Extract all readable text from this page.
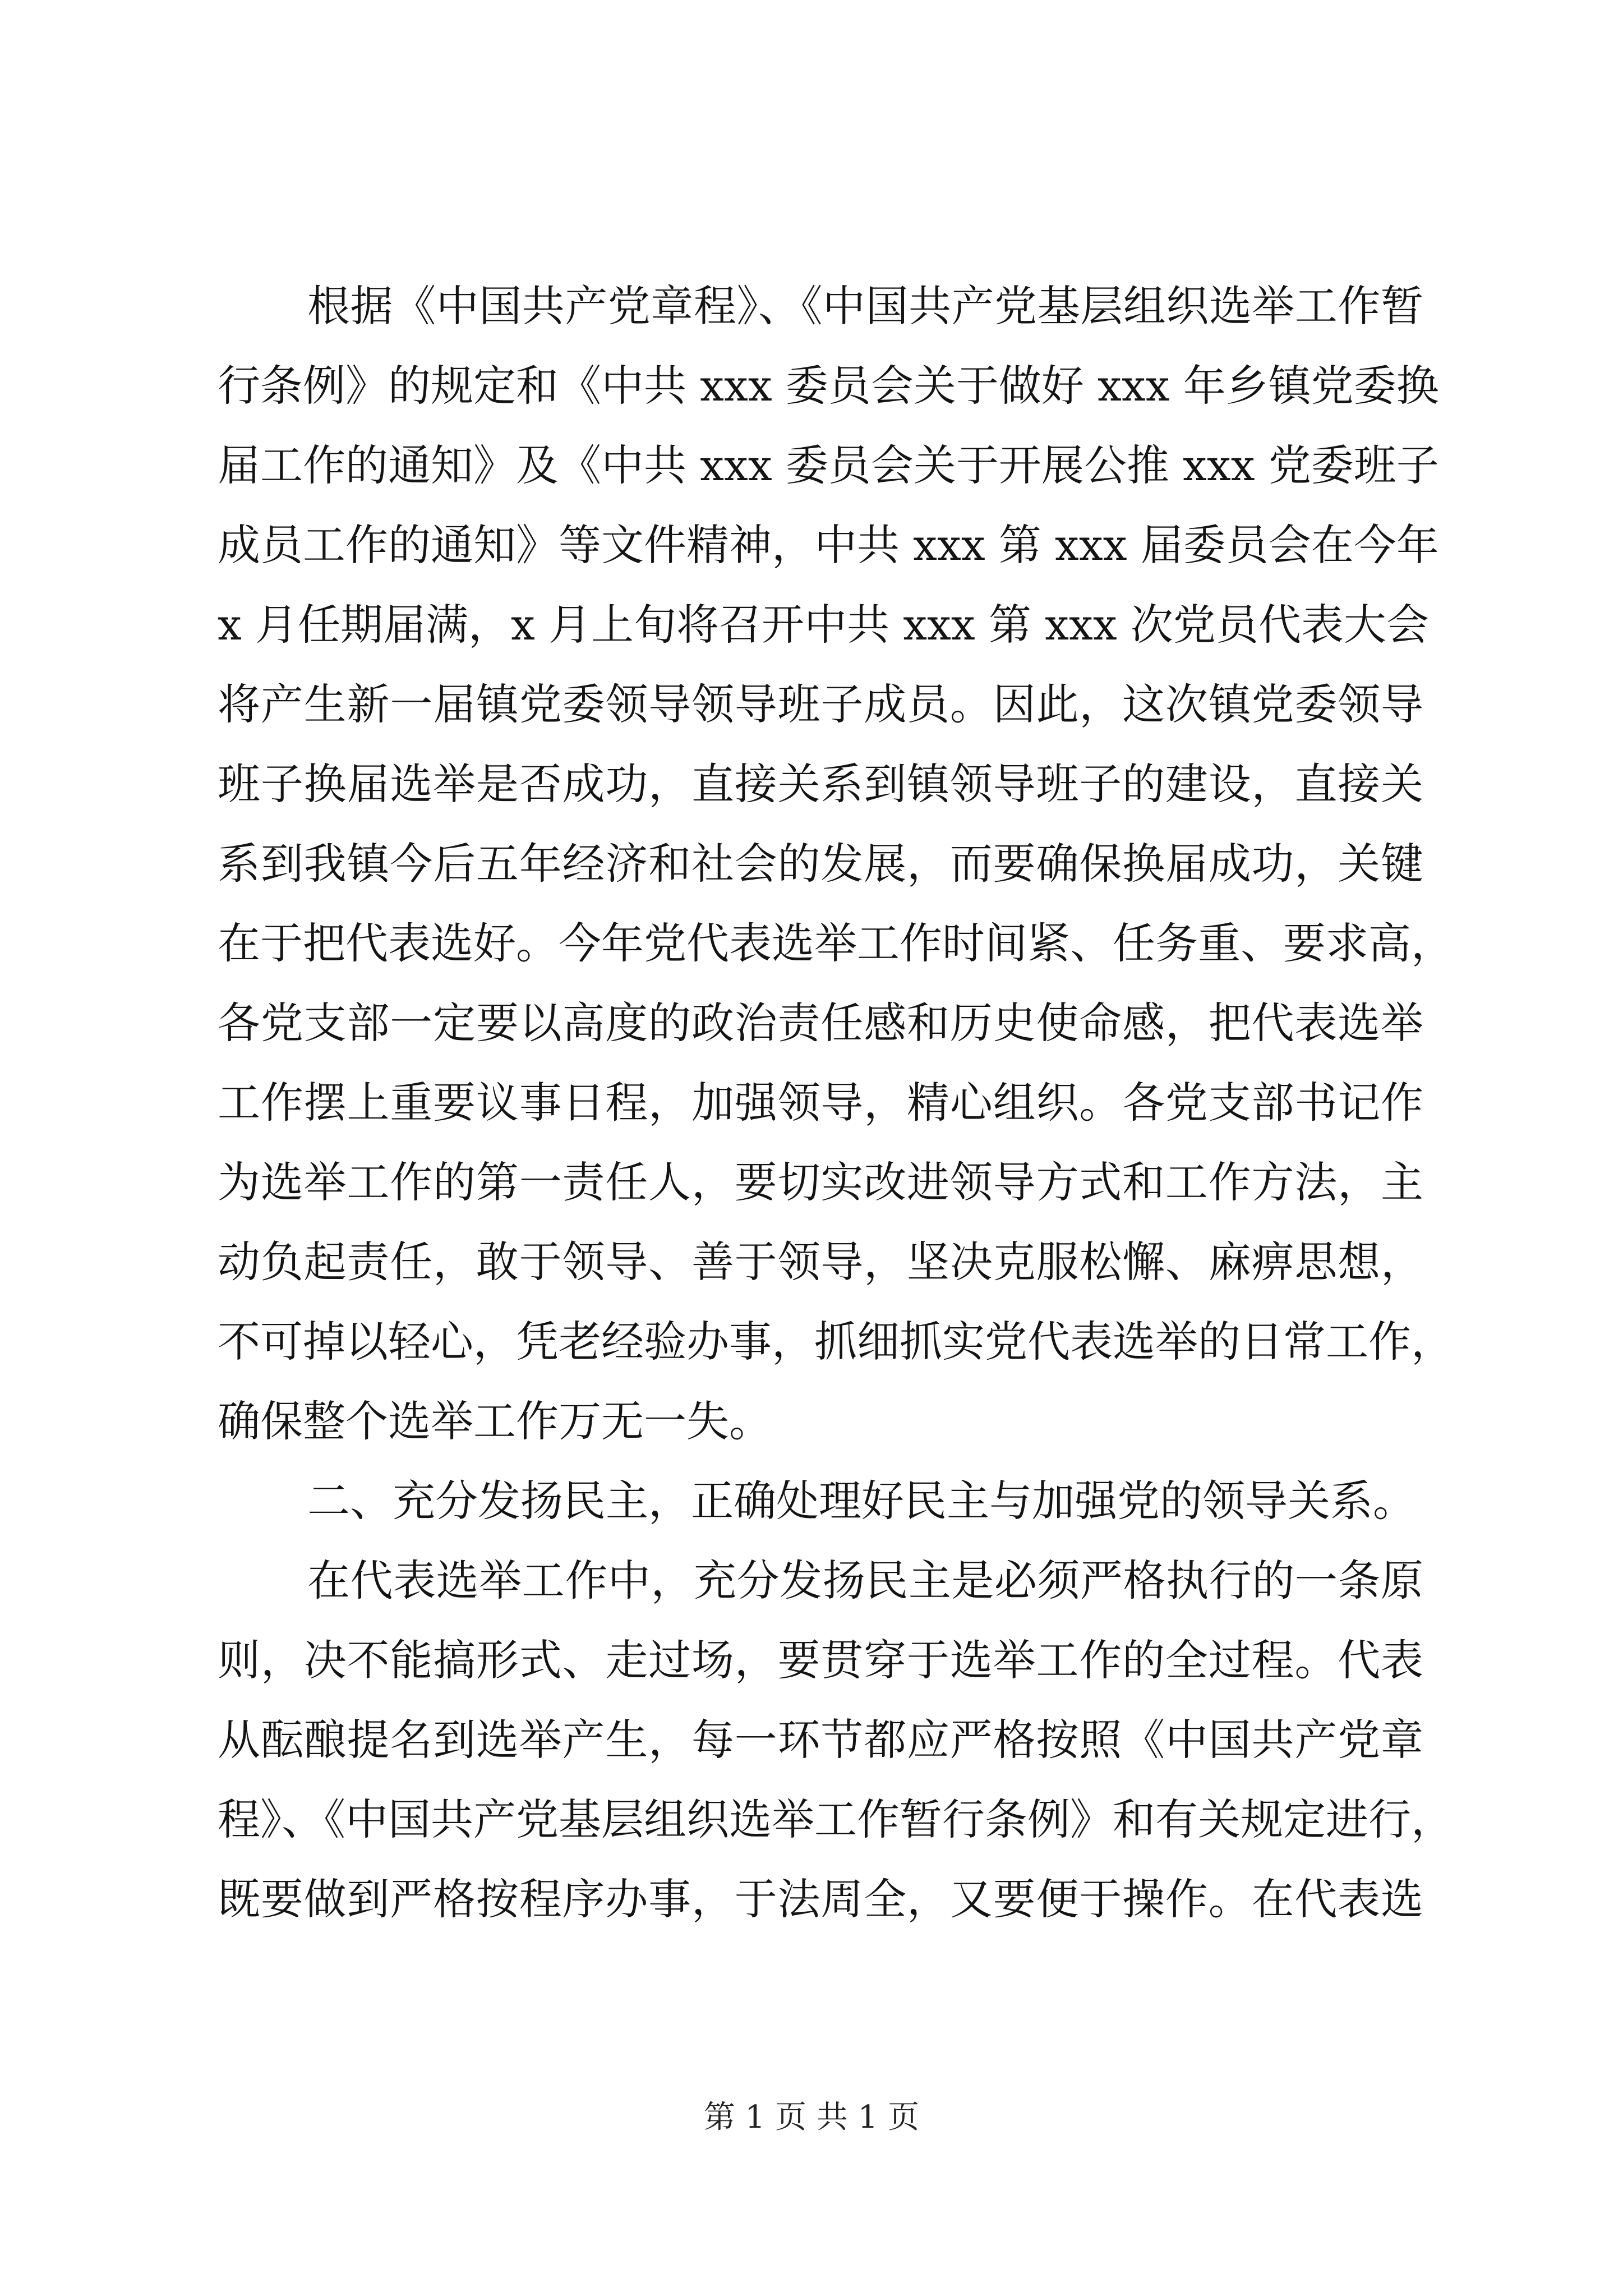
根据《中国共产党章程》、《中国共产党基层组织选举工作暂
行条例》的规定和《中共 xxx 委员会关于做好 xxx 年乡镇党委换
届工作的通知》及《中共 xxx 委员会关于开展公推 xxx 党委班子
成员工作的通知》等文件精神，中共 xxx 第 xxx 届委员会在今年
x 月任期届满，x 月上旬将召开中共 xxx 第 xxx 次党员代表大会
将产生新一届镇党委领导领导班子成员。因此，这次镇党委领导
班子换届选举是否成功，直接关系到镇领导班子的建设，直接关
系到我镇今后五年经济和社会的发展，而要确保换届成功，关键
在于把代表选好。今年党代表选举工作时间紧、任务重、要求高，
各党支部一定要以高度的政治责任感和历史使命感，把代表选举
工作摆上重要议事日程，加强领导，精心组织。各党支部书记作
为选举工作的第一责任人，要切实改进领导方式和工作方法，主
动负起责任，敢于领导、善于领导，坚决克服松懈、麻痹思想，
不可掉以轻心，凭老经验办事，抓细抓实党代表选举的日常工作，
确保整个选举工作万无一失。
二、充分发扬民主，正确处理好民主与加强党的领导关系。
在代表选举工作中，充分发扬民主是必须严格执行的一条原
则，决不能搞形式、走过场，要贯穿于选举工作的全过程。代表
从酝酿提名到选举产生，每一环节都应严格按照《中国共产党章
程》、《中国共产党基层组织选举工作暂行条例》和有关规定进行，
既要做到严格按程序办事，于法周全，又要便于操作。在代表选
第 1 页 共 1 页
